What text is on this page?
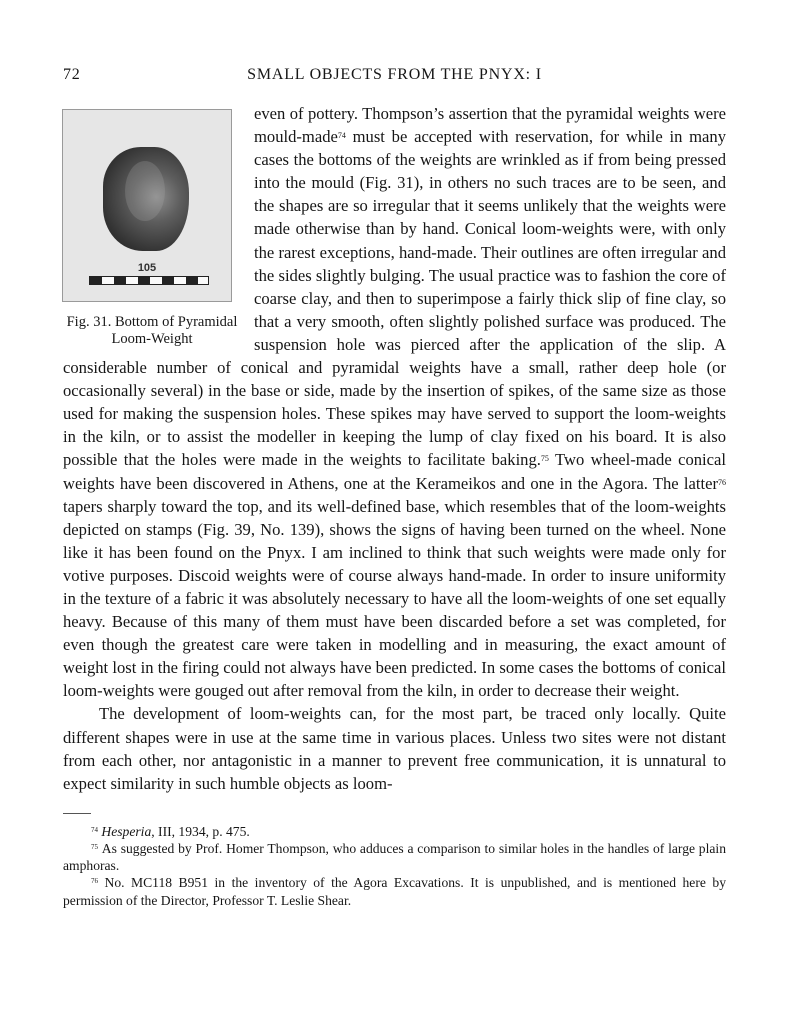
72	SMALL OBJECTS FROM THE PNYX: I
105
Fig. 31. Bottom of Pyramidal Loom-Weight

even of pottery. Thompson’s assertion that the pyramidal weights were mould-made$^{74}$ must be accepted with reservation, for while in many cases the bottoms of the weights are wrinkled as if from being pressed into the mould (Fig. 31), in others no such traces are to be seen, and the shapes are so irregular that it seems unlikely that the weights were made otherwise than by hand. Conical loom-weights were, with only the rarest exceptions, hand-made. Their outlines are often irregular and the sides slightly bulging. The usual practice was to fashion the core of coarse clay, and then to superimpose a fairly thick slip of fine clay, so that a very smooth, often slightly polished surface was produced. The suspension hole was pierced after the application of the slip. A considerable number of conical and pyramidal weights have a small, rather deep hole (or occasionally several) in the base or side, made by the insertion of spikes, of the same size as those used for making the suspension holes. These spikes may have served to support the loom-weights in the kiln, or to assist the modeller in keeping the lump of clay fixed on his board. It is also possible that the holes were made in the weights to facilitate baking.$^{75}$ Two wheel-made conical weights have been discovered in Athens, one at the Kerameikos and one in the Agora. The latter$^{76}$ tapers sharply toward the top, and its well-defined base, which resembles that of the loom-weights depicted on stamps (Fig. 39, No. 139), shows the signs of having been turned on the wheel. None like it has been found on the Pnyx. I am inclined to think that such weights were made only for votive purposes. Discoid weights were of course always hand-made. In order to insure uniformity in the texture of a fabric it was absolutely necessary to have all the loom-weights of one set equally heavy. Because of this many of them must have been discarded before a set was completed, for even though the greatest care were taken in modelling and in measuring, the exact amount of weight lost in the firing could not always have been predicted. In some cases the bottoms of conical loom-weights were gouged out after removal from the kiln, in order to decrease their weight.

The development of loom-weights can, for the most part, be traced only locally. Quite different shapes were in use at the same time in various places. Unless two sites were not distant from each other, nor antagonistic in a manner to prevent free communication, it is unnatural to expect similarity in such humble objects as loom-

$^{74}$ Hesperia, III, 1934, p. 475.

$^{75}$ As suggested by Prof. Homer Thompson, who adduces a comparison to similar holes in the handles of large plain amphoras.

$^{76}$ No. MC118 B951 in the inventory of the Agora Excavations. It is unpublished, and is mentioned here by permission of the Director, Professor T. Leslie Shear.
